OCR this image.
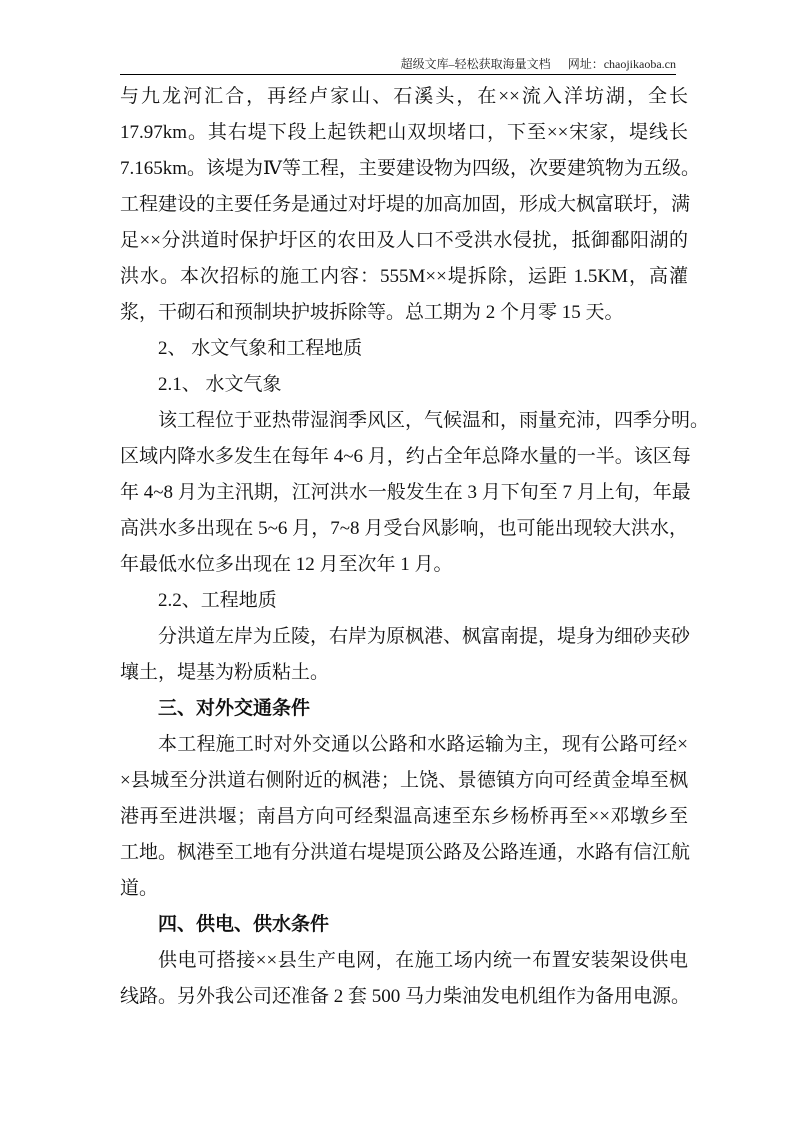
超级文库–轻松获取海量文档 网址：chaojikaoba.cn
与九龙河汇合，再经卢家山、石溪头，在××流入洋坊湖，全长
17.97km。其右堤下段上起铁耙山双坝堵口，下至××宋家，堤线长
7.165km。该堤为Ⅳ等工程，主要建设物为四级，次要建筑物为五级。
工程建设的主要任务是通过对圩堤的加高加固，形成大枫富联圩，满
足××分洪道时保护圩区的农田及人口不受洪水侵扰，抵御鄱阳湖的
洪水。本次招标的施工内容：555M××堤拆除，运距 1.5KM，高灌
浆，干砌石和预制块护坡拆除等。总工期为 2 个月零 15 天。
2、 水文气象和工程地质
2.1、 水文气象
该工程位于亚热带湿润季风区，气候温和，雨量充沛，四季分明。
区域内降水多发生在每年 4~6 月，约占全年总降水量的一半。该区每
年 4~8 月为主汛期，江河洪水一般发生在 3 月下旬至 7 月上旬，年最
高洪水多出现在 5~6 月，7~8 月受台风影响，也可能出现较大洪水，
年最低水位多出现在 12 月至次年 1 月。
2.2、工程地质
分洪道左岸为丘陵，右岸为原枫港、枫富南提，堤身为细砂夹砂
壤土，堤基为粉质粘土。
三、对外交通条件
本工程施工时对外交通以公路和水路运输为主，现有公路可经×
×县城至分洪道右侧附近的枫港；上饶、景德镇方向可经黄金埠至枫
港再至进洪堰；南昌方向可经梨温高速至东乡杨桥再至××邓墩乡至
工地。枫港至工地有分洪道右堤堤顶公路及公路连通，水路有信江航
道。
四、供电、供水条件
供电可搭接××县生产电网，在施工场内统一布置安装架设供电
线路。另外我公司还准备 2 套 500 马力柴油发电机组作为备用电源。
